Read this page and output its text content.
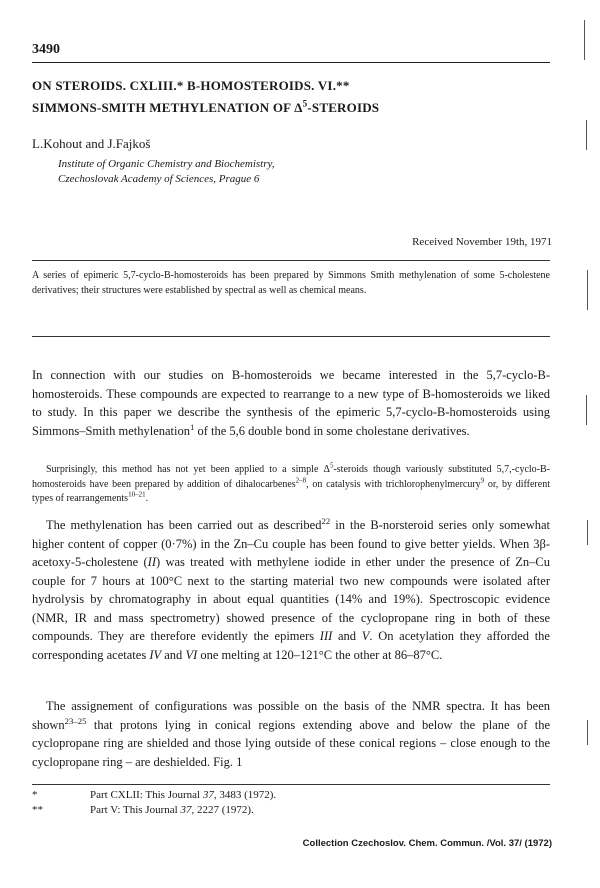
3490
ON STEROIDS. CXLIII.* B-HOMOSTEROIDS. VI.**
SIMMONS-SMITH METHYLENATION OF $\Delta^5$-STEROIDS
L.Kohout and J.Fajkoš
Institute of Organic Chemistry and Biochemistry,
Czechoslovak Academy of Sciences, Prague 6
Received November 19th, 1971
A series of epimeric 5,7-cyclo-B-homosteroids has been prepared by Simmons Smith methylenation of some 5-cholestene derivatives; their structures were established by spectral as well as chemical means.
In connection with our studies on B-homosteroids we became interested in the 5,7-cyclo-B-homosteroids. These compounds are expected to rearrange to a new type of B-homosteroids we liked to study. In this paper we describe the synthesis of the epimeric 5,7-cyclo-B-homosteroids using Simmons–Smith methylenation$^1$ of the 5,6 double bond in some cholestane derivatives.
Surprisingly, this method has not yet been applied to a simple $\Delta^5$-steroids though variously substituted 5,7,-cyclo-B-homosteroids have been prepared by addition of dihalocarbenes$^{2-8}$, on catalysis with trichlorophenylmercury$^9$ or, by different types of rearrangements$^{10-21}$.
The methylenation has been carried out as described$^{22}$ in the B-norsteroid series only somewhat higher content of copper (0·7%) in the Zn–Cu couple has been found to give better yields. When 3β-acetoxy-5-cholestene (II) was treated with methylene iodide in ether under the presence of Zn–Cu couple for 7 hours at 100°C next to the starting material two new compounds were isolated after hydrolysis by chromatography in about equal quantities (14% and 19%). Spectroscopic evidence (NMR, IR and mass spectrometry) showed presence of the cyclopropane ring in both of these compounds. They are therefore evidently the epimers III and V. On acetylation they afforded the corresponding acetates IV and VI one melting at 120–121°C the other at 86–87°C.
The assignement of configurations was possible on the basis of the NMR spectra. It has been shown$^{23-25}$ that protons lying in conical regions extending above and below the plane of the cyclopropane ring are shielded and those lying outside of these conical regions – close enough to the cyclopropane ring – are deshielded. Fig. 1
*	Part CXLII: This Journal 37, 3483 (1972).
**	Part V: This Journal 37, 2227 (1972).
Collection Czechoslov. Chem. Commun. /Vol. 37/ (1972)
